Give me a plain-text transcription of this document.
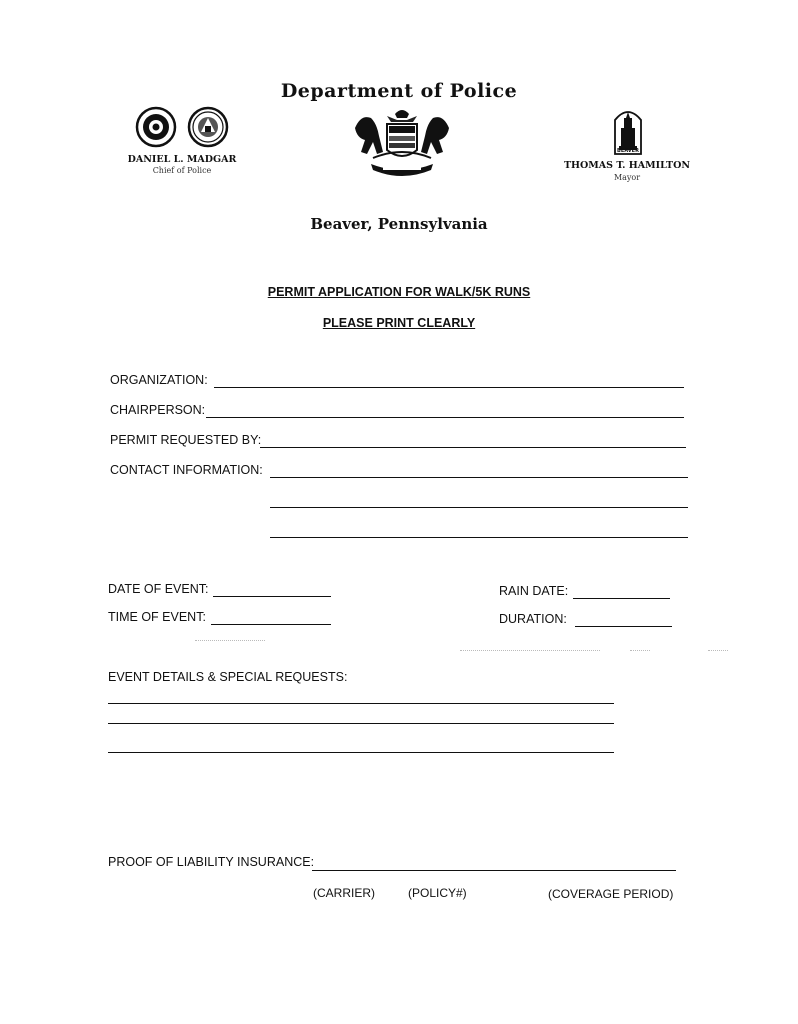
Department of Police
DANIEL L. MADGAR
Chief of Police
Beaver, Pennsylvania
BEAVER
THOMAS T. HAMILTON
Mayor
PERMIT APPLICATION FOR WALK/5K RUNS
PLEASE PRINT CLEARLY
ORGANIZATION:
CHAIRPERSON:
PERMIT REQUESTED BY:
CONTACT INFORMATION:
DATE OF EVENT:	RAIN DATE:
TIME OF EVENT:	DURATION:
EVENT DETAILS & SPECIAL REQUESTS:
PROOF OF LIABILITY INSURANCE:
(CARRIER)	(POLICY#)	(COVERAGE PERIOD)
